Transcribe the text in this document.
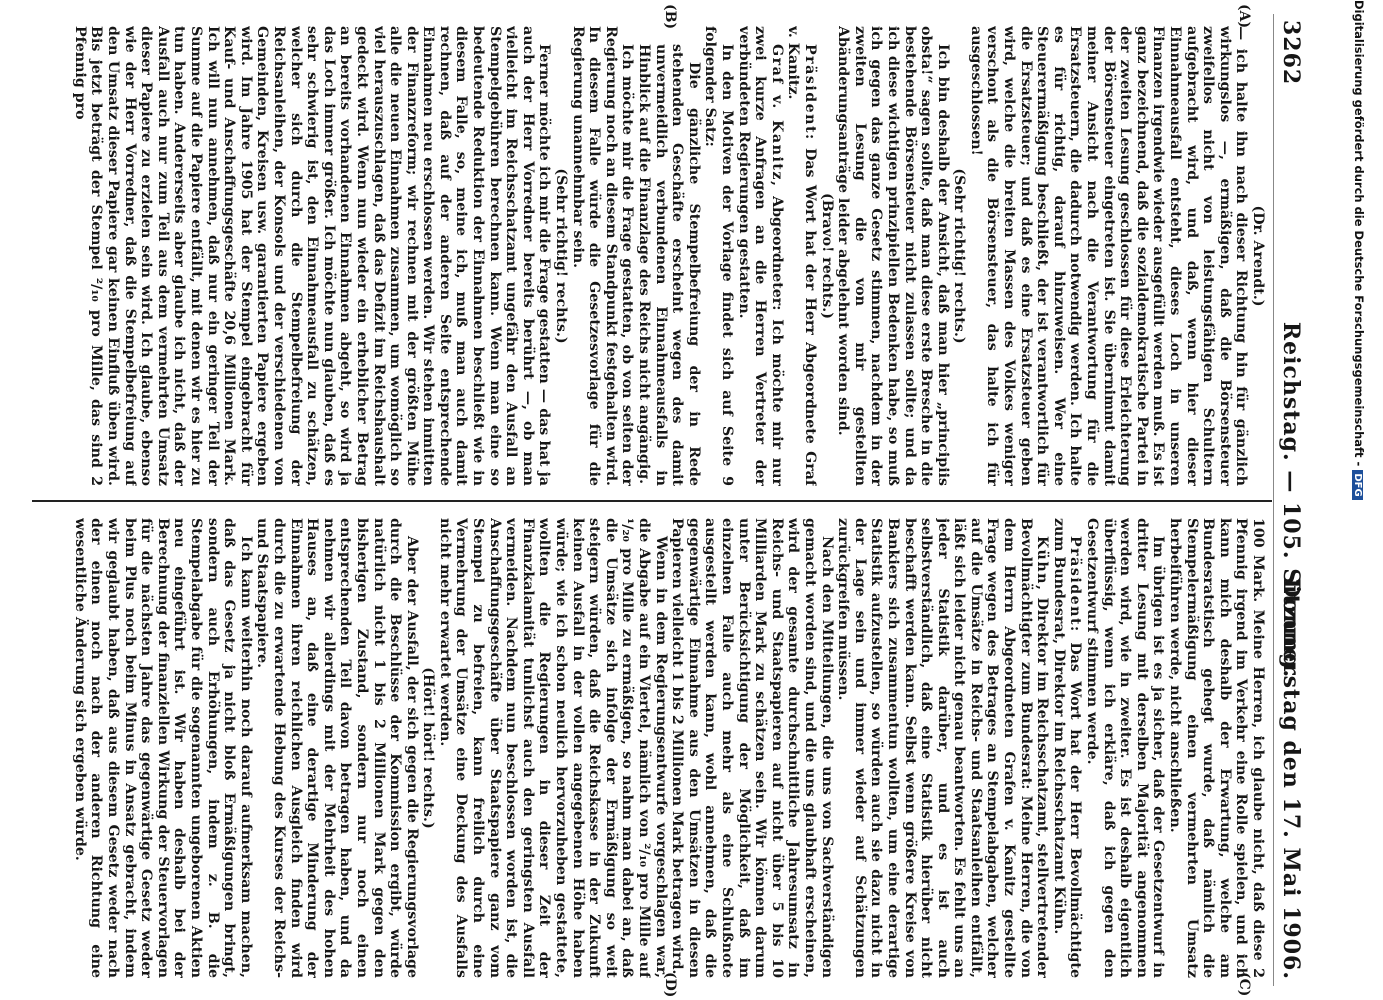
3262
Reichstag. — 105. Sitzung.
Donnerstag den 17. Mai 1906.
(A)
(B)
(C)
(D)

(Dr. Arendt.)

— ich halte ihn nach dieser Richtung hin für gänzlich wirkungslos —, ermäßigen, daß die Börsensteuer zweifellos nicht von leistungsfähigen Schultern aufgebracht wird, und daß, wenn hier dieser Einnahmeausfall entsteht, dieses Loch in unseren Finanzen irgendwie wieder ausgefüllt werden muß. Es ist ganz bezeichnend, daß die sozialdemokratische Partei in der zweiten Lesung geschlossen für diese Erleichterung der Börsensteuer eingetreten ist. Sie übernimmt damit meiner Ansicht nach die Verantwortung für die Ersatzsteuern, die dadurch notwendig werden. Ich halte es für richtig, darauf hinzuweisen. Wer eine Steuerermäßigung beschließt, der ist verantwortlich für die Ersatzsteuer; und daß es eine Ersatzsteuer geben wird, welche die breiten Massen des Volkes weniger verschont als die Börsensteuer, das halte ich für ausgeschlossen!

(Sehr richtig! rechts.)

Ich bin deshalb der Ansicht, daß man hier „principiis obsta!“ sagen sollte, daß man diese erste Bresche in die bestehende Börsensteuer nicht zulassen sollte; und da ich diese wichtigen prinzipiellen Bedenken habe, so muß ich gegen das ganze Gesetz stimmen, nachdem in der zweiten Lesung die von mir gestellten Abänderungsanträge leider abgelehnt worden sind.

(Bravo! rechts.)

Präsident: Das Wort hat der Herr Abgeordnete Graf v. Kanitz.

Graf v. Kanitz, Abgeordneter: Ich möchte mir nur zwei kurze Anfragen an die Herren Vertreter der verbündeten Regierungen gestatten.

In den Motiven der Vorlage findet sich auf Seite 9 folgender Satz:

Die gänzliche Stempelbefreiung der in Rede stehenden Geschäfte erscheint wegen des damit unvermeidlich verbundenen Einnahmeausfalls in Hinblick auf die Finanzlage des Reichs nicht angängig.

Ich möchte mir die Frage gestatten, ob von seiten der Regierung noch an diesem Standpunkt festgehalten wird. In diesem Falle würde die Gesetzesvorlage für die Regierung unannehmbar sein.

(Sehr richtig! rechts.)

Ferner möchte ich mir die Frage gestatten — das hat ja auch der Herr Vorredner bereits berührt —, ob man vielleicht im Reichsschatzamt ungefähr den Ausfall an Stempelgebühren berechnen kann. Wenn man eine so bedeutende Reduktion der Einnahmen beschließt wie in diesem Falle, so, meine ich, muß man auch damit rechnen, daß auf der anderen Seite entsprechende Einnahmen neu erschlossen werden. Wir stehen inmitten der Finanzreform; wir rechnen mit der größten Mühe alle die neuen Einnahmen zusammen, um womöglich so viel herauszuschlagen, daß das Defizit im Reichshaushalt gedeckt wird. Wenn nun wieder ein erheblicher Betrag an bereits vorhandenen Einnahmen abgeht, so wird ja das Loch immer größer. Ich möchte nun glauben, daß es sehr schwierig ist, den Einnahmeausfall zu schätzen, welcher sich durch die Stempelbefreiung der Reichsanleihen, der Konsols und der verschiedenen von Gemeinden, Kreisen usw. garantierten Papiere ergeben wird. Im Jahre 1905 hat der Stempel eingebracht für Kauf- und Anschaffungsgeschäfte 20,6 Millionen Mark. Ich will nun annehmen, daß nur ein geringer Teil der Summe auf die Papiere entfällt, mit denen wir es hier zu tun haben. Andererseits aber glaube ich nicht, daß der Ausfall auch nur zum Teil aus dem vermehrten Umsatz dieser Papiere zu erzielen sein wird. Ich glaube, ebenso wie der Herr Vorredner, daß die Stempelbefreiung auf den Umsatz dieser Papiere gar keinen Einfluß üben wird. Bis jetzt beträgt der Stempel ²/₁₀ pro Mille, das sind 2 Pfennig pro

100 Mark. Meine Herren, ich glaube nicht, daß diese 2 Pfennig irgend im Verkehr eine Rolle spielen, und ich kann mich deshalb der Erwartung, welche am Bundesratstisch gehegt wurde, daß nämlich die Stempelermäßigung einen vermehrten Umsatz herbeiführen werde, nicht anschließen.

Im übrigen ist es ja sicher, daß der Gesetzentwurf in dritter Lesung mit derselben Majorität angenommen werden wird, wie in zweiter. Es ist deshalb eigentlich überflüssig, wenn ich erkläre, daß ich gegen den Gesetzentwurf stimmen werde.

Präsident: Das Wort hat der Herr Bevollmächtigte zum Bundesrat, Direktor im Reichsschatzamt Kühn.

Kühn, Direktor im Reichsschatzamt, stellvertretender Bevollmächtigter zum Bundesrat: Meine Herren, die von dem Herrn Abgeordneten Grafen v. Kanitz gestellte Frage wegen des Betrages an Stempelabgaben, welcher auf die Umsätze in Reichs- und Staatsanleihen entfällt, läßt sich leider nicht genau beantworten. Es fehlt uns an jeder Statistik darüber, und es ist auch selbstverständlich, daß eine Statistik hierüber nicht beschafft werden kann. Selbst wenn größere Kreise von Bankiers sich zusammentun wollten, um eine derartige Statistik aufzustellen, so würden auch sie dazu nicht in der Lage sein und immer wieder auf Schätzungen zurückgreifen müssen.

Nach den Mitteilungen, die uns von Sachverständigen gemacht worden sind, und die uns glaubhaft erscheinen, wird der gesamte durchschnittliche Jahresumsatz in Reichs- und Staatspapieren auf nicht über 5 bis 10 Milliarden Mark zu schätzen sein. Wir können darum unter Berücksichtigung der Möglichkeit, daß im einzelnen Falle auch mehr als eine Schlußnote ausgestellt werden kann, wohl annehmen, daß die gegenwärtige Einnahme aus den Umsätzen in diesen Papieren vielleicht 1 bis 2 Millionen Mark betragen wird.

Wenn in dem Regierungsentwurfe vorgeschlagen war, die Abgabe auf ein Viertel, nämlich von ²/₁₀ pro Mille auf ¹/₂₀ pro Mille zu ermäßigen, so nahm man dabei an, daß die Umsätze sich infolge der Ermäßigung so weit steigern würden, daß die Reichskasse in der Zukunft keinen Ausfall in der vollen angegebenen Höhe haben würde; wie ich schon neulich hervorzuheben gestattete, wollten die Regierungen in dieser Zeit der Finanzkalamität tunlichst auch den geringsten Ausfall vermeiden. Nachdem nun beschlossen worden ist, die Anschaffungsgeschäfte über Staatspapiere ganz vom Stempel zu befreien, kann freilich durch eine Vermehrung der Umsätze eine Deckung des Ausfalls nicht mehr erwartet werden.

(Hört! hört! rechts.)

Aber der Ausfall, der sich gegen die Regierungsvorlage durch die Beschlüsse der Kommission ergibt, würde natürlich nicht 1 bis 2 Millionen Mark gegen den bisherigen Zustand, sondern nur noch einen entsprechenden Teil davon betragen haben, und da nehmen wir allerdings mit der Mehrheit des hohen Hauses an, daß eine derartige Minderung der Einnahmen ihren reichlichen Ausgleich finden wird durch die zu erwartende Hebung des Kurses der Reichs- und Staatspapiere.

Ich kann weiterhin noch darauf aufmerksam machen, daß das Gesetz ja nicht bloß Ermäßigungen bringt, sondern auch Erhöhungen, indem z. B. die Stempelabgabe für die sogenannten ungeborenen Aktien neu eingeführt ist. Wir haben deshalb bei der Berechnung der finanziellen Wirkung der Steuervorlagen für die nächsten Jahre das gegenwärtige Gesetz weder beim Plus noch beim Minus in Ansatz gebracht, indem wir geglaubt haben, daß aus diesem Gesetz weder nach der einen noch nach der anderen Richtung eine wesentliche Änderung sich ergeben würde.

Digitalisierung gefördert durch die Deutsche Forschungsgemeinschaft -DFG
